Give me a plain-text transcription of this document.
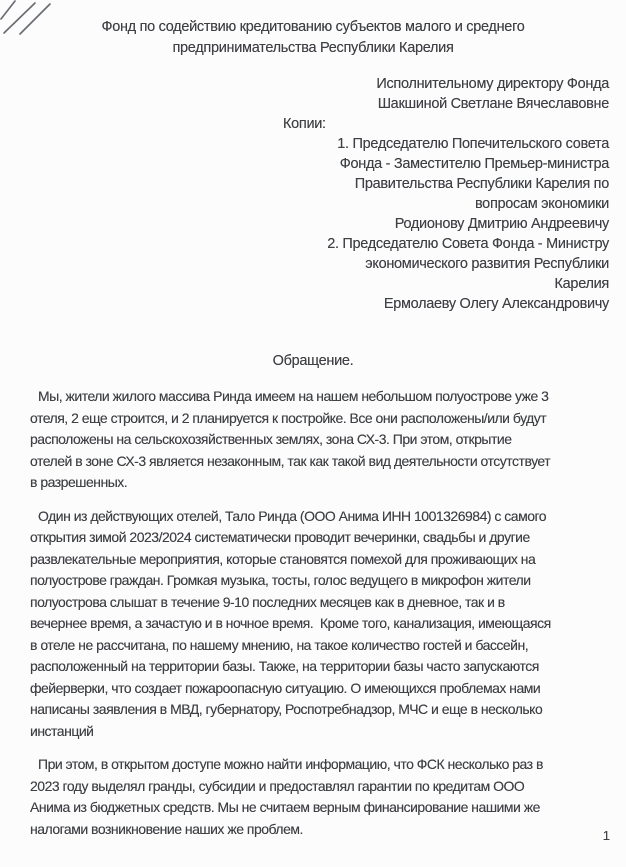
Фонд по содействию кредитованию субъектов малого и среднего
предпринимательства Республики Карелия
Исполнительному директору Фонда
Шакшиной Светлане Вячеславовне
Копии:
1. Председателю Попечительского совета
Фонда - Заместителю Премьер-министра
Правительства Республики Карелия по
вопросам экономики
Родионову Дмитрию Андреевичу
2. Председателю Совета Фонда - Министру
экономического развития Республики
Карелия
Ермолаеву Олегу Александровичу
Обращение.
Мы, жители жилого массива Ринда имеем на нашем небольшом полуострове уже 3
отеля, 2 еще строится, и 2 планируется к постройке. Все они расположены/или будут
расположены на сельскохозяйственных землях, зона СХ-3. При этом, открытие
отелей в зоне СХ-3 является незаконным, так как такой вид деятельности отсутствует
в разрешенных.
Один из действующих отелей, Тало Ринда (ООО Анима ИНН 1001326984) с самого
открытия зимой 2023/2024 систематически проводит вечеринки, свадьбы и другие
развлекательные мероприятия, которые становятся помехой для проживающих на
полуострове граждан. Громкая музыка, тосты, голос ведущего в микрофон жители
полуострова слышат в течение 9-10 последних месяцев как в дневное, так и в
вечернее время, а зачастую и в ночное время.  Кроме того, канализация, имеющаяся
в отеле не рассчитана, по нашему мнению, на такое количество гостей и бассейн,
расположенный на территории базы. Также, на территории базы часто запускаются
фейерверки, что создает пожароопасную ситуацию. О имеющихся проблемах нами
написаны заявления в МВД, губернатору, Роспотребнадзор, МЧС и еще в несколько
инстанций
При этом, в открытом доступе можно найти информацию, что ФСК несколько раз в
2023 году выделял гранды, субсидии и предоставлял гарантии по кредитам ООО
Анима из бюджетных средств. Мы не считаем верным финансирование нашими же
налогами возникновение наших же проблем.	1
